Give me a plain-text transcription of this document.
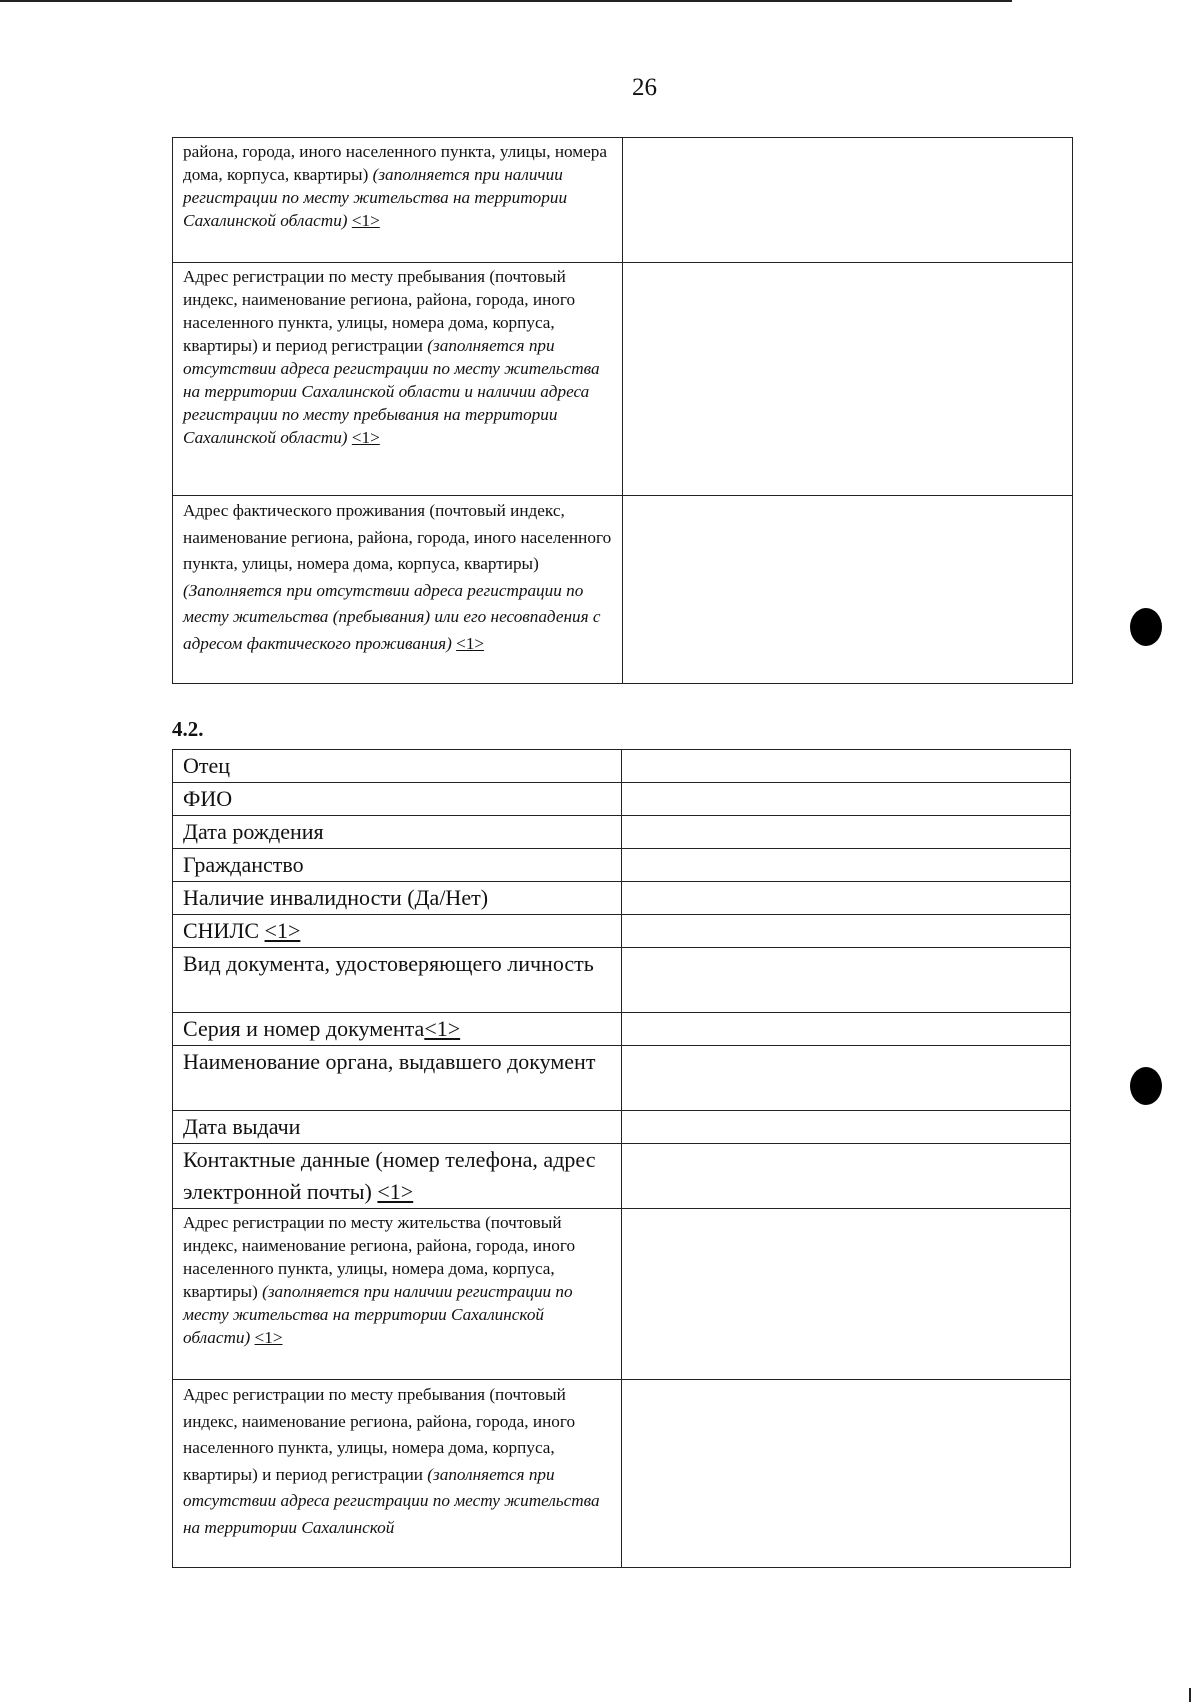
26
района, города, иного населенного пункта, улицы, номера дома, корпуса, квартиры) (заполняется при наличии регистрации по месту жительства на территории Сахалинской области) <1>	
Адрес регистрации по месту пребывания (почтовый индекс, наименование региона, района, города, иного населенного пункта, улицы, номера дома, корпуса, квартиры) и период регистрации (заполняется при отсутствии адреса регистрации по месту жительства на территории Сахалинской области и наличии адреса регистрации по месту пребывания на территории Сахалинской области) <1>	
Адрес фактического проживания (почтовый индекс, наименование региона, района, города, иного населенного пункта, улицы, номера дома, корпуса, квартиры) (Заполняется при отсутствии адреса регистрации по месту жительства (пребывания) или его несовпадения с адресом фактического проживания) <1>	
4.2.
Отец	
ФИО	
Дата рождения	
Гражданство	
Наличие инвалидности (Да/Нет)	
СНИЛС <1>	
Вид документа, удостоверяющего личность	
Серия и номер документа<1>	
Наименование органа, выдавшего документ	
Дата выдачи	
Контактные данные (номер телефона, адрес электронной почты) <1>	
Адрес регистрации по месту жительства (почтовый индекс, наименование региона, района, города, иного населенного пункта, улицы, номера дома, корпуса, квартиры) (заполняется при наличии регистрации по месту жительства на территории Сахалинской области) <1>	
Адрес регистрации по месту пребывания (почтовый индекс, наименование региона, района, города, иного населенного пункта, улицы, номера дома, корпуса, квартиры) и период регистрации (заполняется при отсутствии адреса регистрации по месту жительства на территории Сахалинской	
